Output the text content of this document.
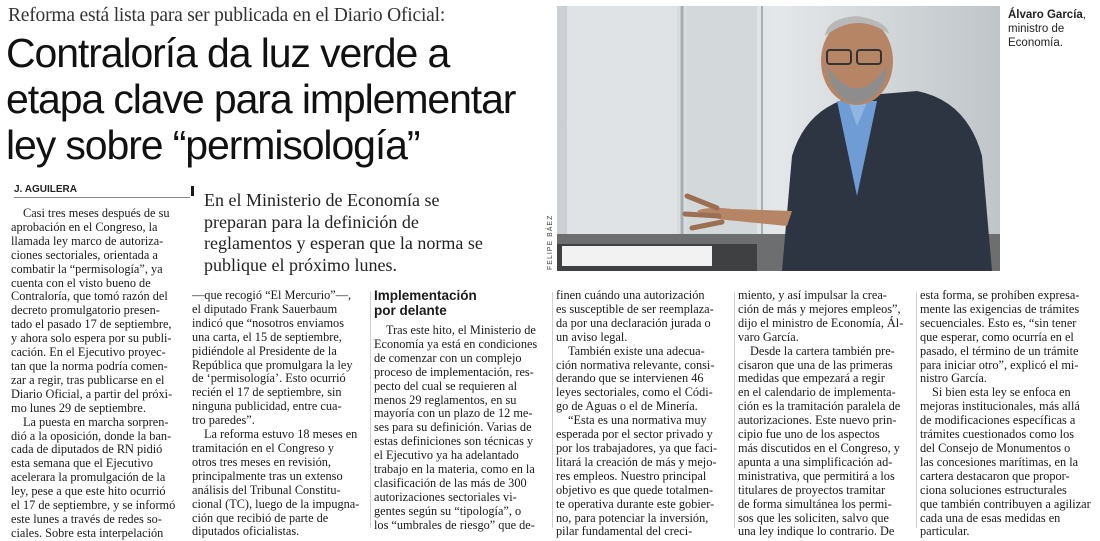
Reforma está lista para ser publicada en el Diario Oficial:
Contraloría da luz verde a
etapa clave para implementar
ley sobre “permisología”
J. AGUILERA
En el Ministerio de Economía se
preparan para la definición de
reglamentos y esperan que la norma se
publique el próximo lunes.	FELIPE BÁEZ
Álvaro García,
ministro de
Economía.
Casi tres meses después de su
aprobación en el Congreso, la
llamada ley marco de autoriza-
ciones sectoriales, orientada a
combatir la “permisología”, ya
cuenta con el visto bueno de
Contraloría, que tomó razón del
decreto promulgatorio presen-
tado el pasado 17 de septiembre,
y ahora solo espera por su publi-
cación. En el Ejecutivo proyec-
tan que la norma podría comen-
zar a regir, tras publicarse en el
Diario Oficial, a partir del próxi-
mo lunes 29 de septiembre.
La puesta en marcha sorpren-
dió a la oposición, donde la ban-
cada de diputados de RN pidió
esta semana que el Ejecutivo
acelerara la promulgación de la
ley, pese a que este hito ocurrió
el 17 de septiembre, y se informó
este lunes a través de redes so-
ciales. Sobre esta interpelación
—que recogió “El Mercurio”—,
el diputado Frank Sauerbaum
indicó que “nosotros enviamos
una carta, el 15 de septiembre,
pidiéndole al Presidente de la
República que promulgara la ley
de ‘permisología’. Esto ocurrió
recién el 17 de septiembre, sin
ninguna publicidad, entre cua-
tro paredes”.
La reforma estuvo 18 meses en
tramitación en el Congreso y
otros tres meses en revisión,
principalmente tras un extenso
análisis del Tribunal Constitu-
cional (TC), luego de la impugna-
ción que recibió de parte de
diputados oficialistas.
Implementación
por delante
Tras este hito, el Ministerio de
Economía ya está en condiciones
de comenzar con un complejo
proceso de implementación, res-
pecto del cual se requieren al
menos 29 reglamentos, en su
mayoría con un plazo de 12 me-
ses para su definición. Varias de
estas definiciones son técnicas y
el Ejecutivo ya ha adelantado
trabajo en la materia, como en la
clasificación de las más de 300
autorizaciones sectoriales vi-
gentes según su “tipología”, o
los “umbrales de riesgo” que de-
finen cuándo una autorización
es susceptible de ser reemplaza-
da por una declaración jurada o
un aviso legal.
También existe una adecua-
ción normativa relevante, consi-
derando que se intervienen 46
leyes sectoriales, como el Códi-
go de Aguas o el de Minería.
“Esta es una normativa muy
esperada por el sector privado y
por los trabajadores, ya que faci-
litará la creación de más y mejo-
res empleos. Nuestro principal
objetivo es que quede totalmen-
te operativa durante este gobier-
no, para potenciar la inversión,
pilar fundamental del creci-
miento, y así impulsar la crea-
ción de más y mejores empleos”,
dijo el ministro de Economía, Ál-
varo García.
Desde la cartera también pre-
cisaron que una de las primeras
medidas que empezará a regir
en el calendario de implementa-
ción es la tramitación paralela de
autorizaciones. Este nuevo prin-
cipio fue uno de los aspectos
más discutidos en el Congreso, y
apunta a una simplificación ad-
ministrativa, que permitirá a los
titulares de proyectos tramitar
de forma simultánea los permi-
sos que les soliciten, salvo que
una ley indique lo contrario. De
esta forma, se prohíben expresa-
mente las exigencias de trámites
secuenciales. Esto es, “sin tener
que esperar, como ocurría en el
pasado, el término de un trámite
para iniciar otro”, explicó el mi-
nistro García.
Si bien esta ley se enfoca en
mejoras institucionales, más allá
de modificaciones específicas a
trámites cuestionados como los
del Consejo de Monumentos o
las concesiones marítimas, en la
cartera destacaron que propor-
ciona soluciones estructurales
que también contribuyen a agilizar
cada una de esas medidas en
particular.
